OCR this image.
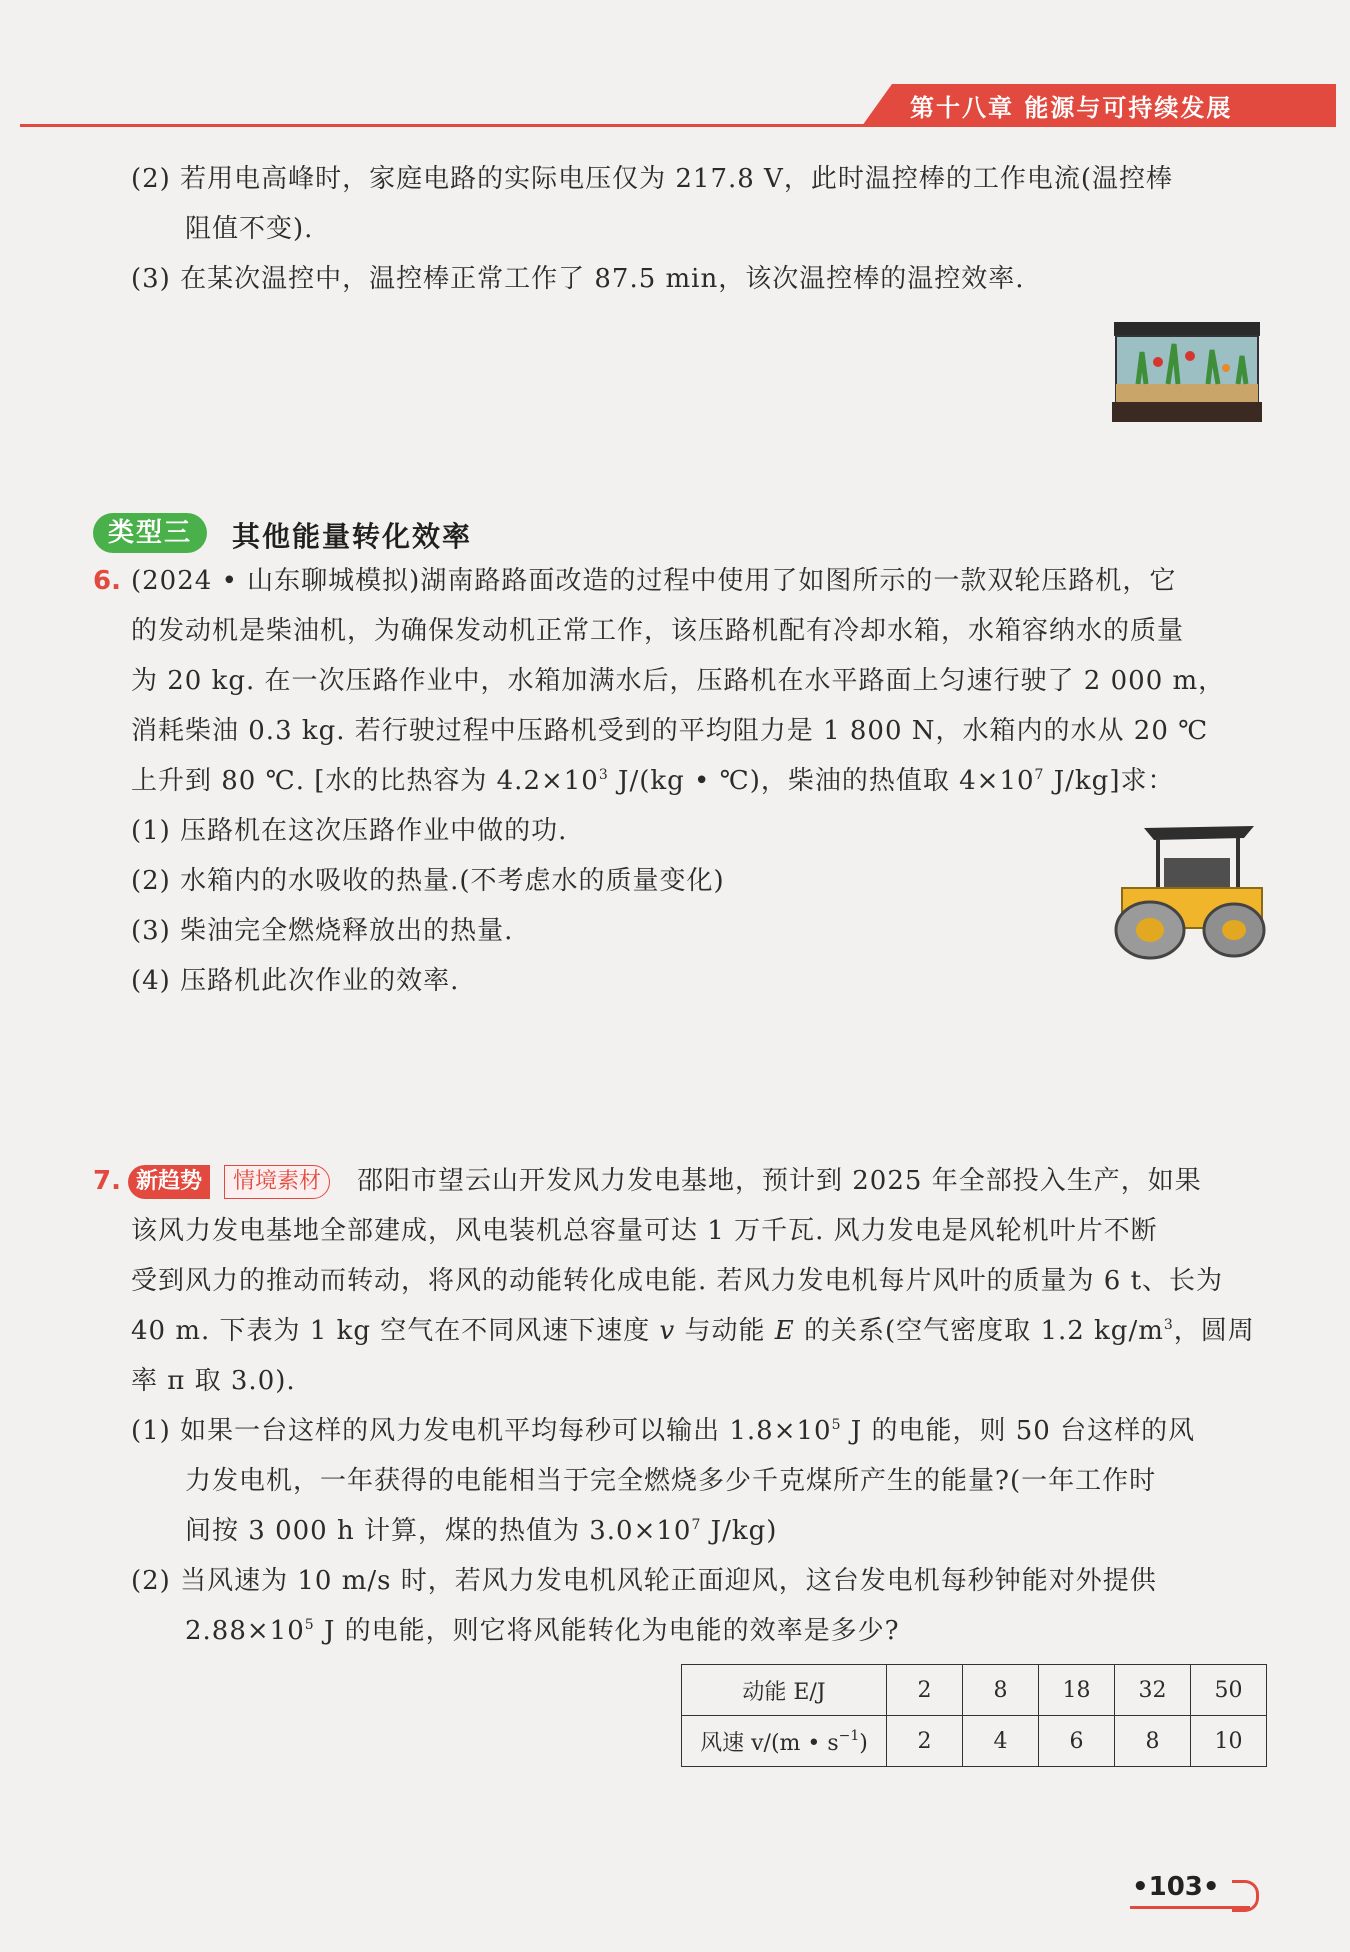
第十八章 能源与可持续发展
(2) 若用电高峰时，家庭电路的实际电压仅为 217.8 V，此时温控棒的工作电流(温控棒
阻值不变).
(3) 在某次温控中，温控棒正常工作了 87.5 min，该次温控棒的温控效率.
类型三	其他能量转化效率
6. (2024 • 山东聊城模拟)湖南路路面改造的过程中使用了如图所示的一款双轮压路机，它
的发动机是柴油机，为确保发动机正常工作，该压路机配有冷却水箱，水箱容纳水的质量
为 20 kg. 在一次压路作业中，水箱加满水后，压路机在水平路面上匀速行驶了 2 000 m，
消耗柴油 0.3 kg. 若行驶过程中压路机受到的平均阻力是 1 800 N，水箱内的水从 20 ℃
上升到 80 ℃. [水的比热容为 $4.2\times 10^3$ J/(kg • ℃)，柴油的热值取 $4\times 10^7$ J/kg]求：
(1) 压路机在这次压路作业中做的功.
(2) 水箱内的水吸收的热量.(不考虑水的质量变化)
(3) 柴油完全燃烧释放出的热量.
(4) 压路机此次作业的效率.
7. 新趋势	情境素材	邵阳市望云山开发风力发电基地，预计到 2025 年全部投入生产，如果
该风力发电基地全部建成，风电装机总容量可达 1 万千瓦. 风力发电是风轮机叶片不断
受到风力的推动而转动，将风的动能转化成电能. 若风力发电机每片风叶的质量为 6 t、长为
40 m. 下表为 1 kg 空气在不同风速下速度 v 与动能 E 的关系(空气密度取 1.2 $kg/m^3$，圆周
率 π 取 3.0).
(1) 如果一台这样的风力发电机平均每秒可以输出 $1.8\times 10^5$ J 的电能，则 50 台这样的风
力发电机，一年获得的电能相当于完全燃烧多少千克煤所产生的能量?(一年工作时
间按 3 000 h 计算，煤的热值为 $3.0\times 10^7$ J/kg)
(2) 当风速为 10 m/s 时，若风力发电机风轮正面迎风，这台发电机每秒钟能对外提供
$2.88\times 10^5$ J 的电能，则它将风能转化为电能的效率是多少?
动能 E/J	2	8	18	32	50
风速 v/(m • $s^{-1}$)	2	4	6	8	10
•103•
